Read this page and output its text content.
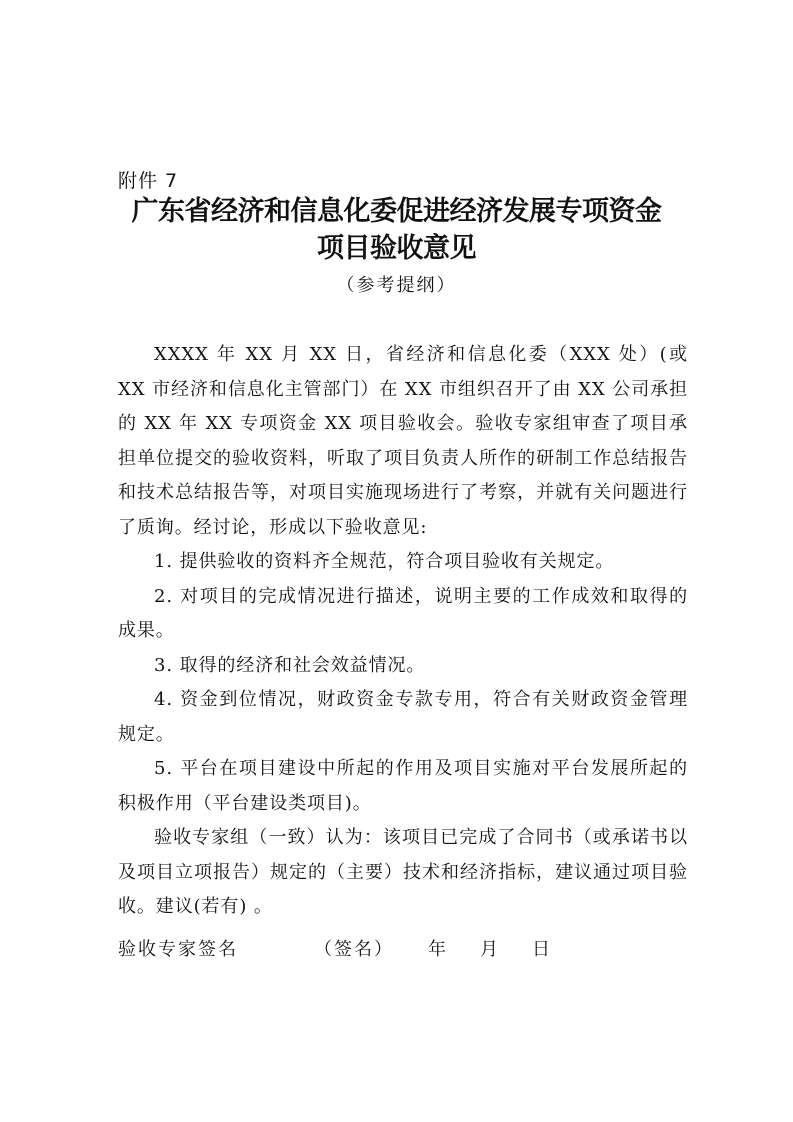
附件 7
广东省经济和信息化委促进经济发展专项资金
项目验收意见
（参考提纲）

XXXX 年 XX 月 XX 日，省经济和信息化委（XXX 处）(或 XX 市经济和信息化主管部门）在 XX 市组织召开了由 XX 公司承担的 XX 年 XX 专项资金 XX 项目验收会。验收专家组审查了项目承担单位提交的验收资料，听取了项目负责人所作的研制工作总结报告和技术总结报告等，对项目实施现场进行了考察，并就有关问题进行了质询。经讨论，形成以下验收意见:

1. 提供验收的资料齐全规范，符合项目验收有关规定。

2. 对项目的完成情况进行描述，说明主要的工作成效和取得的成果。

3. 取得的经济和社会效益情况。

4. 资金到位情况，财政资金专款专用，符合有关财政资金管理规定。

5. 平台在项目建设中所起的作用及项目实施对平台发展所起的积极作用（平台建设类项目)。

验收专家组（一致）认为：该项目已完成了合同书（或承诺书以及项目立项报告）规定的（主要）技术和经济指标，建议通过项目验收。建议(若有) 。

验收专家签名

	（签名）

年

月

日
